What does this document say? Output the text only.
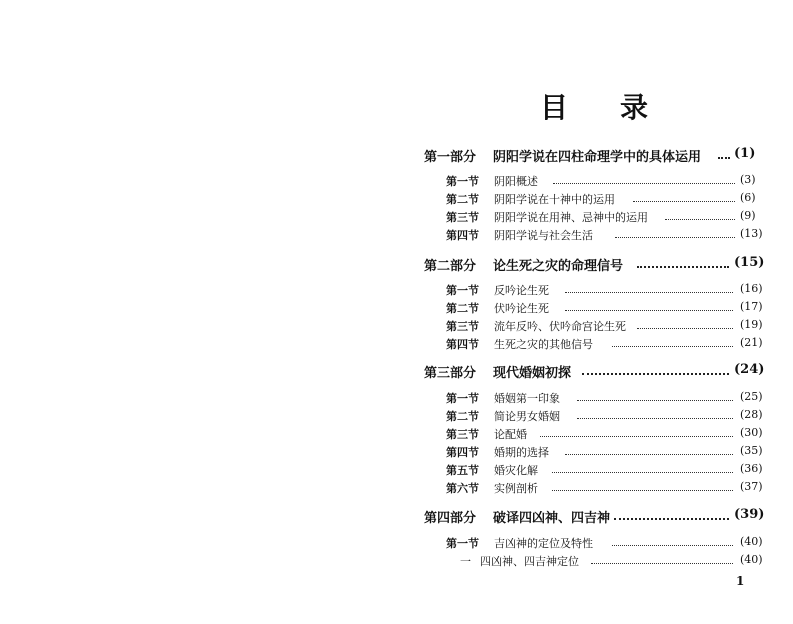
目 录
第一部分 阴阳学说在四柱命理学中的具体运用	(1)
第一节 阴阳概述	(3)
第二节 阴阳学说在十神中的运用	(6)
第三节 阴阳学说在用神、忌神中的运用	(9)
第四节 阴阳学说与社会生活	(13)
第二部分 论生死之灾的命理信号	(15)
第一节 反吟论生死	(16)
第二节 伏吟论生死	(17)
第三节 流年反吟、伏吟命宫论生死	(19)
第四节 生死之灾的其他信号	(21)
第三部分 现代婚姻初探	(24)
第一节 婚姻第一印象	(25)
第二节 简论男女婚姻	(28)
第三节 论配婚	(30)
第四节 婚期的选择	(35)
第五节 婚灾化解	(36)
第六节 实例剖析	(37)
第四部分 破译四凶神、四吉神	(39)
第一节 吉凶神的定位及特性	(40)
一 四凶神、四吉神定位	(40)
1
